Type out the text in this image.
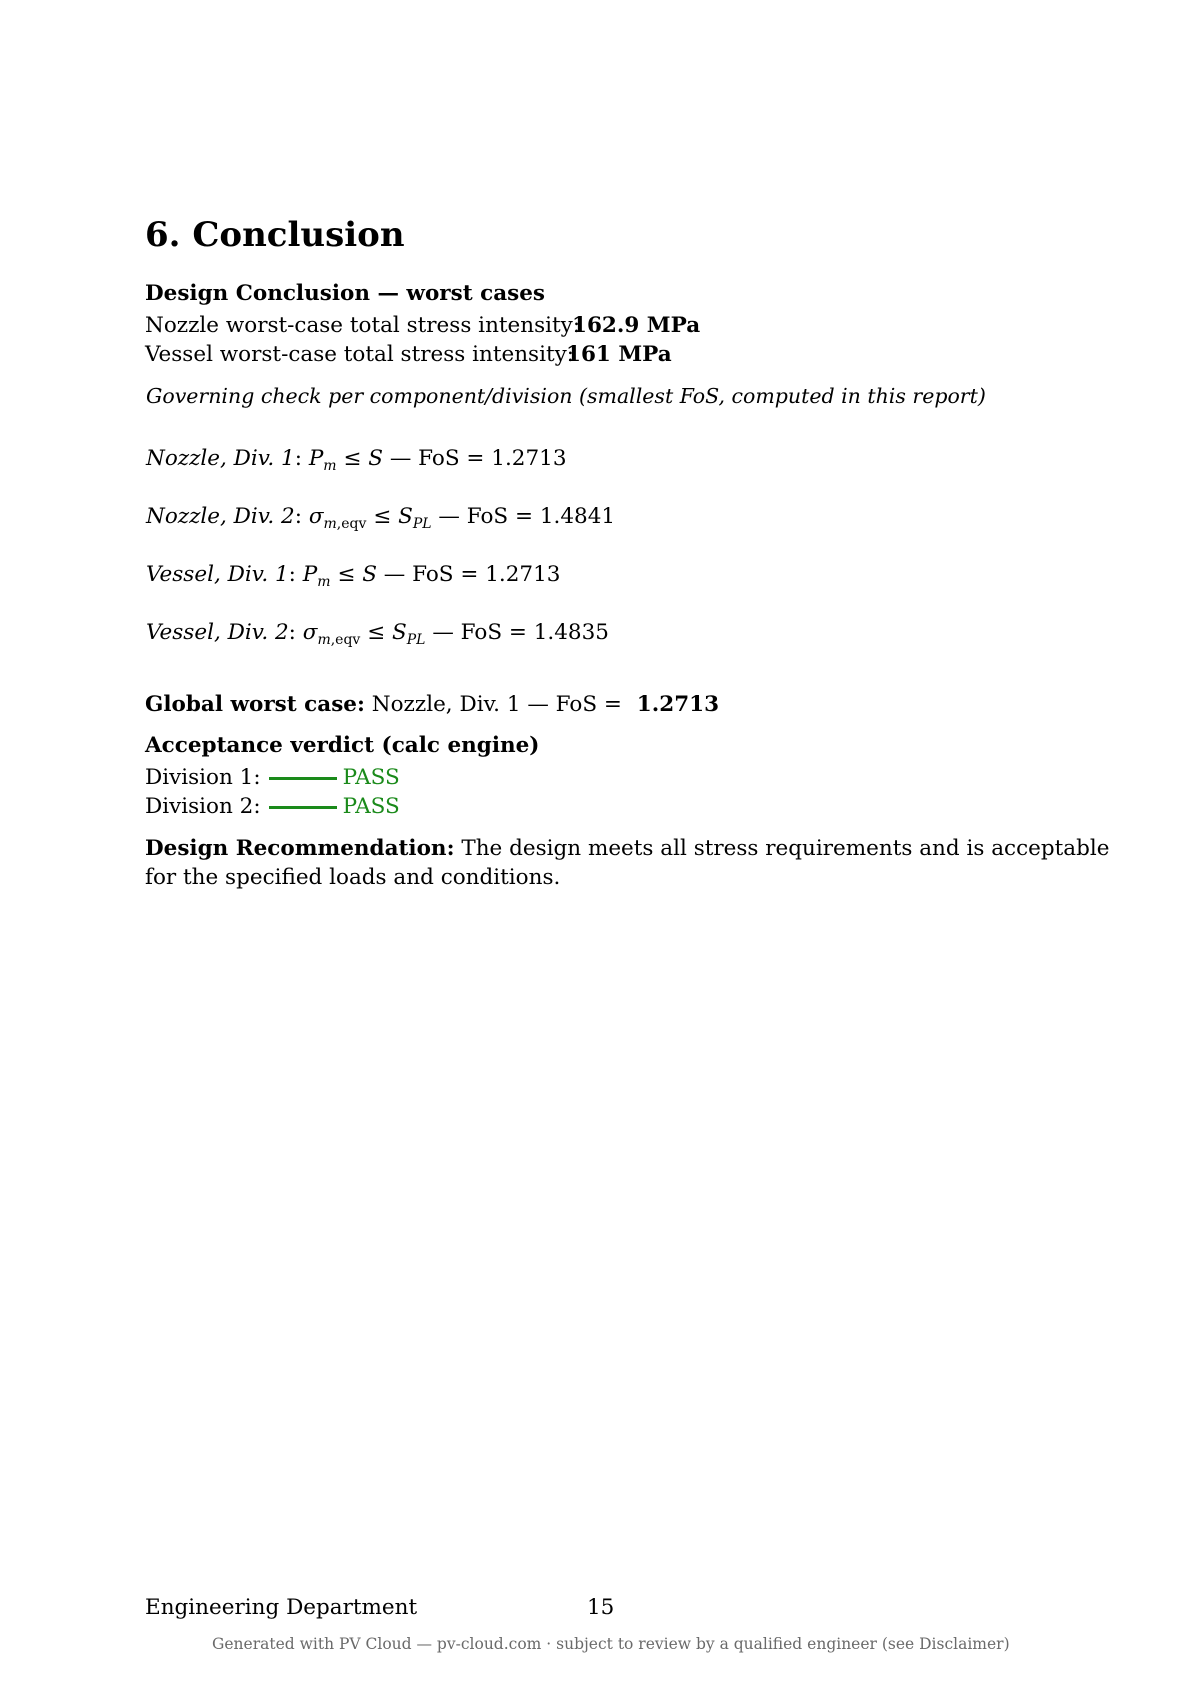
6. Conclusion
Design Conclusion — worst cases
Nozzle worst-case total stress intensity:
162.9 MPa
Vessel worst-case total stress intensity:
161 MPa
Governing check per component/division (smallest FoS, computed in this report)
Nozzle, Div. 1: $P_m \le S$ — FoS = 1.2713
Nozzle, Div. 2: $\sigma_{m,eqv} \le S_{PL}$ — FoS = 1.4841
Vessel, Div. 1: $P_m \le S$ — FoS = 1.2713
Vessel, Div. 2: $\sigma_{m,eqv} \le S_{PL}$ — FoS = 1.4835
Global worst case: Nozzle, Div. 1 — FoS = 1.2713
Acceptance verdict (calc engine)
Division 1:	PASS
Division 2:	PASS
Design Recommendation: The design meets all stress requirements and is acceptable
for the specified loads and conditions.
Engineering Department	15
Generated with PV Cloud — pv-cloud.com · subject to review by a qualified engineer (see Disclaimer)
